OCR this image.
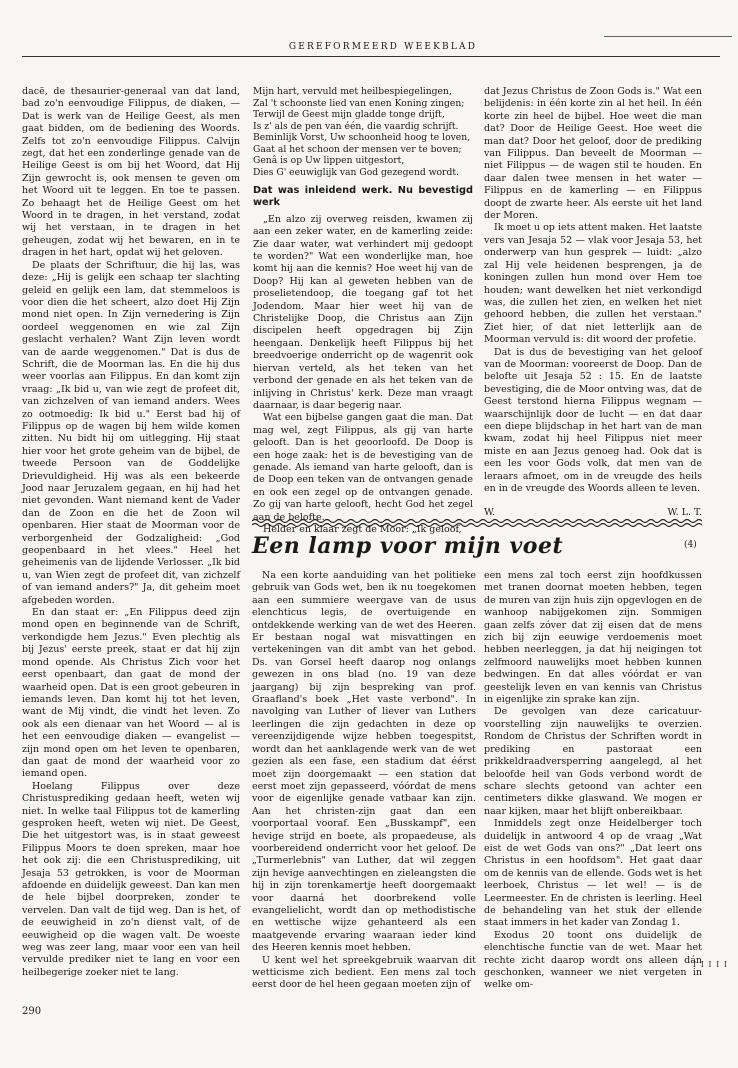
GEREFORMEERD WEEKBLAD

dacë, de thesaurier-generaal van dat land, bad zo'n eenvoudige Filippus, de diaken, — Dat is werk van de Heilige Geest, als men gaat bidden, om de bediening des Woords. Zelfs tot zo'n eenvoudige Filippus. Calvijn zegt, dat het een zonderlinge genade van de Heilige Geest is om bij het Woord, dat Hij Zijn gewrocht is, ook mensen te geven om het Woord uit te leggen. En toe te passen. Zo behaagt het de Heilige Geest om het Woord in te dragen, in het verstand, zodat wij het verstaan, in te dragen in het geheugen, zodat wij het bewaren, en in te dragen in het hart, opdat wij het geloven.

De plaats der Schriftuur, die hij las, was deze: „Hij is gelijk een schaap ter slachting geleid en gelijk een lam, dat stemmeloos is voor dien die het scheert, alzo doet Hij Zijn mond niet open. In Zijn vernedering is Zijn oordeel weggenomen en wie zal Zijn geslacht verhalen? Want Zijn leven wordt van de aarde weggenomen." Dat is dus de Schrift, die de Moorman las. En die hij dus weer voorlas aan Filippus. En dan komt zijn vraag: „Ik bid u, van wie zegt de profeet dit, van zichzelven of van iemand anders. Wees zo ootmoedig: Ik bid u." Eerst bad hij of Filippus op de wagen bij hem wilde komen zitten. Nu bidt hij om uitlegging. Hij staat hier voor het grote geheim van de bijbel, de tweede Persoon van de Goddelijke Drievuldigheid. Hij was als een bekeerde Jood naar Jeruzalem gegaan, en hij had het niet gevonden. Want niemand kent de Vader dan de Zoon en die het de Zoon wil openbaren. Hier staat de Moorman voor de verborgenheid der Godzaligheid: „God geopenbaard in het vlees." Heel het geheimenis van de lijdende Verlosser. „Ik bid u, van Wien zegt de profeet dit, van zichzelf of van iemand anders?" Ja, dit geheim moet afgebeden worden.

En dan staat er: „En Filippus deed zijn mond open en beginnende van de Schrift, verkondigde hem Jezus." Even plechtig als bij Jezus' eerste preek, staat er dat hij zijn mond opende. Als Christus Zich voor het eerst openbaart, dan gaat de mond der waarheid open. Dat is een groot gebeuren in iemands leven. Dan komt hij tot het leven, want de Mij vindt, die vindt het leven. Zo ook als een dienaar van het Woord — al is het een eenvoudige diaken — evangelist — zijn mond open om het leven te openbaren, dan gaat de mond der waarheid voor zo iemand open.

Hoelang Filippus over deze Christusprediking gedaan heeft, weten wij niet. In welke taal Filippus tot de kamerling gesproken heeft, weten wij niet. De Geest, Die het uitgestort was, is in staat geweest Filippus Moors te doen spreken, maar hoe het ook zij: die een Christusprediking, uit Jesaja 53 getrokken, is voor de Moorman afdoende en duidelijk geweest. Dan kan men de hele bijbel doorpreken, zonder te vervelen. Dan valt de tijd weg. Dan is het, of de eeuwigheid in zo'n dienst valt, of de eeuwigheid op die wagen valt. De woeste weg was zeer lang, maar voor een van heil vervulde prediker niet te lang en voor een heilbegerige zoeker niet te lang.

Mijn hart, vervuld met heilbespiegelingen,
Zal 't schoonste lied van enen Koning zingen;
Terwijl de Geest mijn gladde tonge drijft,
Is z' als de pen van één, die vaardig schrijft.
Beminlijk Vorst, Uw schoonheid hoog te loven,
Gaat al het schoon der mensen ver te boven;
Genâ is op Uw lippen uitgestort,
Dies G' eeuwiglijk van God gezegend wordt.

Dat was inleidend werk. Nu bevestigd werk

„En alzo zij overweg reisden, kwamen zij aan een zeker water, en de kamerling zeide: Zie daar water, wat verhindert mij gedoopt te worden?" Wat een wonderlijke man, hoe komt hij aan die kennis? Hoe weet hij van de Doop? Hij kan al geweten hebben van de proselietendoop, die toegang gaf tot het Jodendom. Maar hier weet hij van de Christelijke Doop, die Christus aan Zijn discipelen heeft opgedragen bij Zijn heengaan. Denkelijk heeft Filippus bij het breedvoerige onderricht op de wagenrit ook hiervan verteld, als het teken van het verbond der genade en als het teken van de inlijving in Christus' kerk. Deze man vraagt daarnaar, is daar begerig naar.

Wat een bijbelse gangen gaat die man. Dat mag wel, zegt Filippus, als gij van harte gelooft. Dan is het geoorloofd. De Doop is een hoge zaak: het is de bevestiging van de genade. Als iemand van harte gelooft, dan is de Doop een teken van de ontvangen genade en ook een zegel op de ontvangen genade. Zo gij van harte gelooft, hecht God het zegel aan de belofte.

Helder en klaar zegt de Moor: „Ik geloof,

dat Jezus Christus de Zoon Gods is." Wat een belijdenis: in één korte zin al het heil. In één korte zin heel de bijbel. Hoe weet die man dat? Door de Heilige Geest. Hoe weet die man dat? Door het geloof, door de prediking van Filippus. Dan beveelt de Moorman — niet Filippus — de wagen stil te houden. En daar dalen twee mensen in het water — Filippus en de kamerling — en Filippus doopt de zwarte heer. Als eerste uit het land der Moren.

Ik moet u op iets attent maken. Het laatste vers van Jesaja 52 — vlak voor Jesaja 53, het onderwerp van hun gesprek — luidt: „alzo zal Hij vele heidenen besprengen, ja de koningen zullen hun mond over Hem toe houden; want dewelken het niet verkondigd was, die zullen het zien, en welken het niet gehoord hebben, die zullen het verstaan." Ziet hier, of dat niet letterlijk aan de Moorman vervuld is: dit woord der profetie.

Dat is dus de bevestiging van het geloof van de Moorman: vooreerst de Doop. Dan de belofte uit Jesaja 52 : 15. En de laatste bevestiging, die de Moor ontving was, dat de Geest terstond hierna Filippus wegnam — waarschijnlijk door de lucht — en dat daar een diepe blijdschap in het hart van de man kwam, zodat hij heel Filippus niet meer miste en aan Jezus genoeg had. Ook dat is een les voor Gods volk, dat men van de leraars afmoet, om in de vreugde des heils en in de vreugde des Woords alleen te leven.

W.	W. L. T.
Een lamp voor mijn voet	(4)

Na een korte aanduiding van het politieke gebruik van Gods wet, ben ik nu toegekomen aan een summiere weergave van de usus elenchticus legis, de overtuigende en ontdekkende werking van de wet des Heeren. Er bestaan nogal wat misvattingen en vertekeningen van dit ambt van het gebod. Ds. van Gorsel heeft daarop nog onlangs gewezen in ons blad (no. 19 van deze jaargang) bij zijn bespreking van prof. Graafland's boek „Het vaste verbond". In navolging van Luther of liever van Luthers leerlingen die zijn gedachten in deze op vereenzijdigende wijze hebben toegespitst, wordt dan het aanklagende werk van de wet gezien als een fase, een stadium dat éérst moet zijn doorgemaakt — een station dat eerst moet zijn gepasseerd, vóórdat de mens voor de eigenlijke genade vatbaar kan zijn. Aan het christen-zijn gaat dan een voorportaal vooraf. Een „Busskampf", een hevige strijd en boete, als propaedeuse, als voorbereidend onderricht voor het geloof. De „Turmerlebnis" van Luther, dat wil zeggen zijn hevige aanvechtingen en zieleangsten die hij in zijn torenkamertje heeft doorgemaakt voor daarná het doorbrekend volle evangelielicht, wordt dan op methodistische en wettische wijze gehanteerd als een maatgevende ervaring waaraan ieder kind des Heeren kennis moet hebben.

U kent wel het spreekgebruik waarvan dit wetticisme zich bedient. Een mens zal toch eerst door de hel heen gegaan moeten zijn of

een mens zal toch eerst zijn hoofdkussen met tranen doornat moeten hebben, tegen de muren van zijn huis zijn opgevlogen en de wanhoop nabijgekomen zijn. Sommigen gaan zelfs zóver dat zij eisen dat de mens zich bij zijn eeuwige verdoemenis moet hebben neerleggen, ja dat hij neigingen tot zelfmoord nauwelijks moet hebben kunnen bedwingen. En dat alles vóórdat er van geestelijk leven en van kennis van Christus in eigenlijke zin sprake kan zijn.

De gevolgen van deze caricatuur-voorstelling zijn nauwelijks te overzien. Rondom de Christus der Schriften wordt in prediking en pastoraat een prikkeldraadversperring aangelegd, al het beloofde heil van Gods verbond wordt de schare slechts getoond van achter een centimeters dikke glaswand. We mogen er naar kijken, maar het blijft onbereikbaar.

Inmiddels zegt onze Heidelberger toch duidelijk in antwoord 4 op de vraag „Wat eist de wet Gods van ons?" „Dat leert ons Christus in een hoofdsom". Het gaat daar om de kennis van de ellende. Gods wet is het leerboek, Christus — let wel! — is de Leermeester. En de christen is leerling. Heel de behandeling van het stuk der ellende staat immers in het kader van Zondag 1.

Exodus 20 toont ons duidelijk de elenchtische functie van de wet. Maar het rechte zicht daarop wordt ons alleen dán geschonken, wanneer we niet vergeten in welke om-

290
I I I I I
